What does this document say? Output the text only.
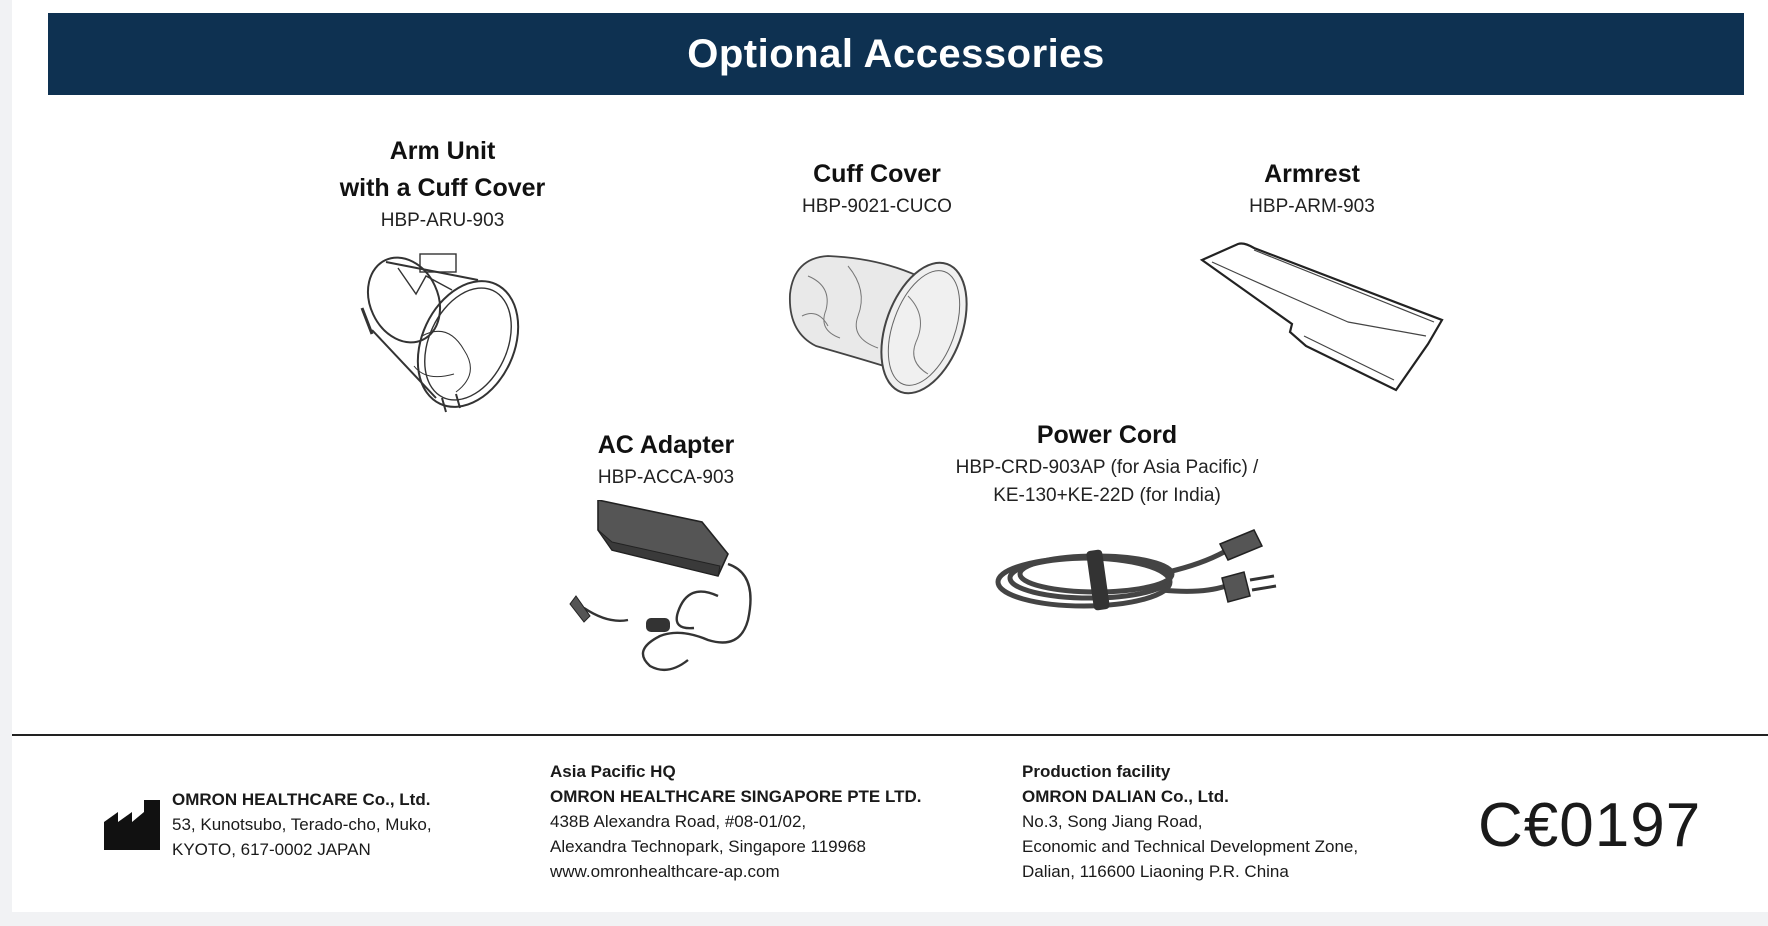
Optional Accessories
Arm Unit
with a Cuff Cover
HBP-ARU-903
Cuff Cover
HBP-9021-CUCO
Armrest
HBP-ARM-903
AC Adapter
HBP-ACCA-903
Power Cord
HBP-CRD-903AP (for Asia Pacific) /
KE-130+KE-22D (for India)
OMRON HEALTHCARE Co., Ltd.
53, Kunotsubo, Terado-cho, Muko,
KYOTO, 617-0002 JAPAN
Asia Pacific HQ
OMRON HEALTHCARE SINGAPORE PTE LTD.
438B Alexandra Road, #08-01/02,
Alexandra Technopark, Singapore 119968
www.omronhealthcare-ap.com
Production facility
OMRON DALIAN Co., Ltd.
No.3, Song Jiang Road,
Economic and Technical Development Zone,
Dalian, 116600 Liaoning P.R. China
C€0197
